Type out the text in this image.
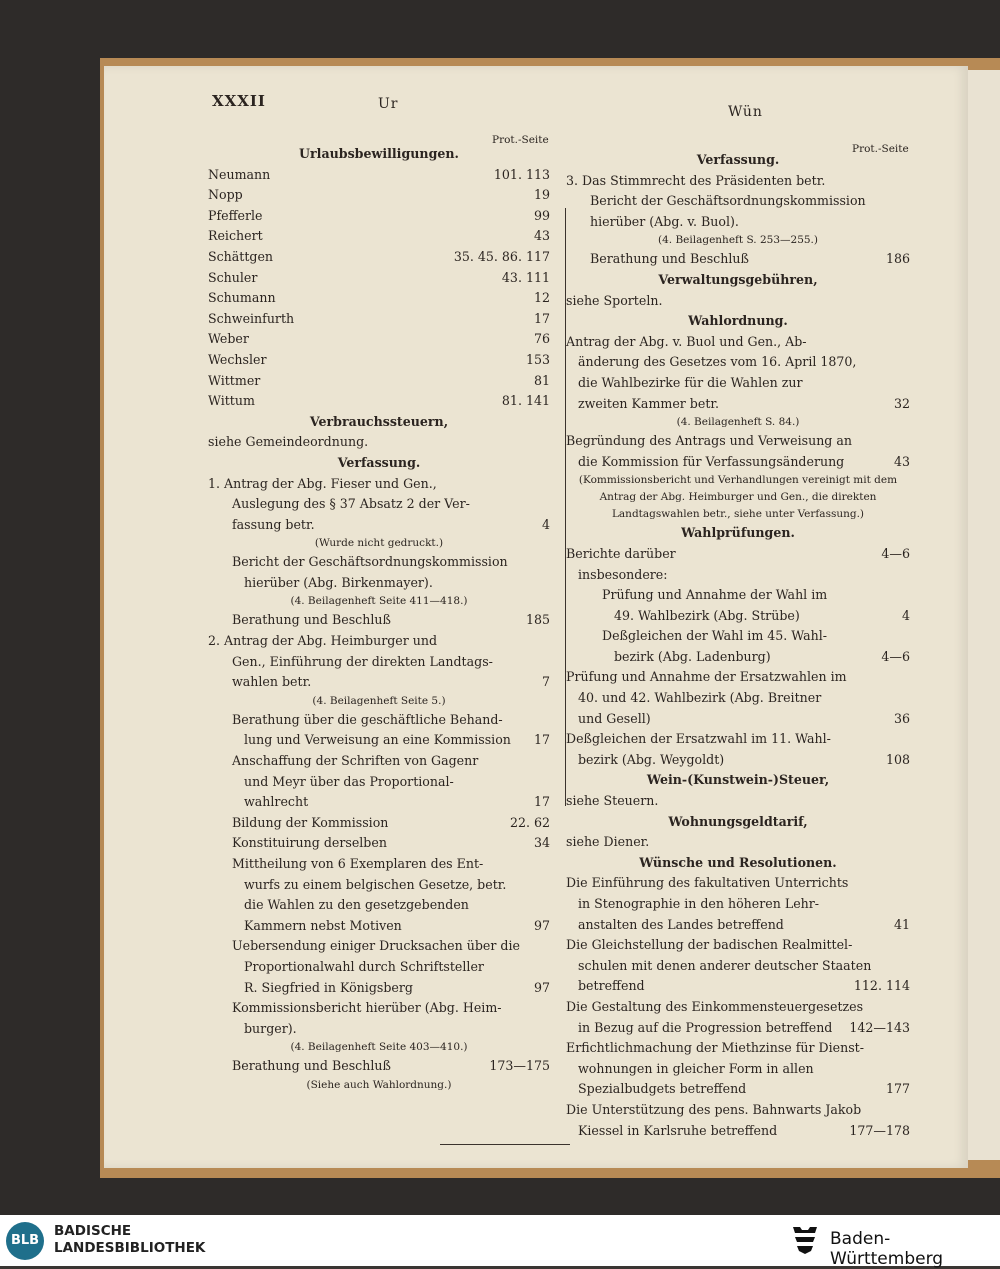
XXXII	Ur	Wün
Prot.-Seite
Prot.-Seite
Urlaubsbewilligungen.
Neumann	101. 113
Nopp	19
Pfefferle	99
Reichert	43
Schättgen	35. 45. 86. 117
Schuler	43. 111
Schumann	12
Schweinfurth	17
Weber	76
Wechsler	153
Wittmer	81
Wittum	81. 141
Verbrauchssteuern,
siehe Gemeindeordnung.
Verfassung.
1. Antrag der Abg. Fieser und Gen.,
Auslegung des § 37 Absatz 2 der Ver-
fassung betr.	4
(Wurde nicht gedruckt.)
Bericht der Geschäftsordnungskommission
hierüber (Abg. Birkenmayer).
(4. Beilagenheft Seite 411—418.)
Berathung und Beschluß	185
2. Antrag der Abg. Heimburger und
Gen., Einführung der direkten Landtags-
wahlen betr.	7
(4. Beilagenheft Seite 5.)
Berathung über die geschäftliche Behand-
lung und Verweisung an eine Kommission 17
Anschaffung der Schriften von Gagenr
und Meyr über das Proportional-
wahlrecht	17
Bildung der Kommission	22. 62
Konstituirung derselben	34
Mittheilung von 6 Exemplaren des Ent-
wurfs zu einem belgischen Gesetze, betr.
die Wahlen zu den gesetzgebenden
Kammern nebst Motiven	97
Uebersendung einiger Drucksachen über die
Proportionalwahl durch Schriftsteller
R. Siegfried in Königsberg	97
Kommissionsbericht hierüber (Abg. Heim-
burger).
(4. Beilagenheft Seite 403—410.)
Berathung und Beschluß	173—175
(Siehe auch Wahlordnung.)
Verfassung.
3. Das Stimmrecht des Präsidenten betr.
Bericht der Geschäftsordnungskommission
hierüber (Abg. v. Buol).
(4. Beilagenheft S. 253—255.)
Berathung und Beschluß	186
Verwaltungsgebühren,
siehe Sporteln.
Wahlordnung.
Antrag der Abg. v. Buol und Gen., Ab-
änderung des Gesetzes vom 16. April 1870,
die Wahlbezirke für die Wahlen zur
zweiten Kammer betr.	32
(4. Beilagenheft S. 84.)
Begründung des Antrags und Verweisung an
die Kommission für Verfassungsänderung	43
(Kommissionsbericht und Verhandlungen vereinigt mit dem
Antrag der Abg. Heimburger und Gen., die direkten
Landtagswahlen betr., siehe unter Verfassung.)
Wahlprüfungen.
Berichte darüber	4—6
insbesondere:
Prüfung und Annahme der Wahl im
49. Wahlbezirk (Abg. Strübe)	4
Deßgleichen der Wahl im 45. Wahl-
bezirk (Abg. Ladenburg)	4—6
Prüfung und Annahme der Ersatzwahlen im
40. und 42. Wahlbezirk (Abg. Breitner
und Gesell)	36
Deßgleichen der Ersatzwahl im 11. Wahl-
bezirk (Abg. Weygoldt)	108
Wein-(Kunstwein-)Steuer,
siehe Steuern.
Wohnungsgeldtarif,
siehe Diener.
Wünsche und Resolutionen.
Die Einführung des fakultativen Unterrichts
in Stenographie in den höheren Lehr-
anstalten des Landes betreffend	41
Die Gleichstellung der badischen Realmittel-
schulen mit denen anderer deutscher Staaten
betreffend	112. 114
Die Gestaltung des Einkommensteuergesetzes
in Bezug auf die Progression betreffend 142—143
Erfichtlichmachung der Miethzinse für Dienst-
wohnungen in gleicher Form in allen
Spezialbudgets betreffend	177
Die Unterstützung des pens. Bahnwarts Jakob
Kiessel in Karlsruhe betreffend	177—178
BLB
BADISCHE
LANDESBIBLIOTHEK	Baden-Württemberg
